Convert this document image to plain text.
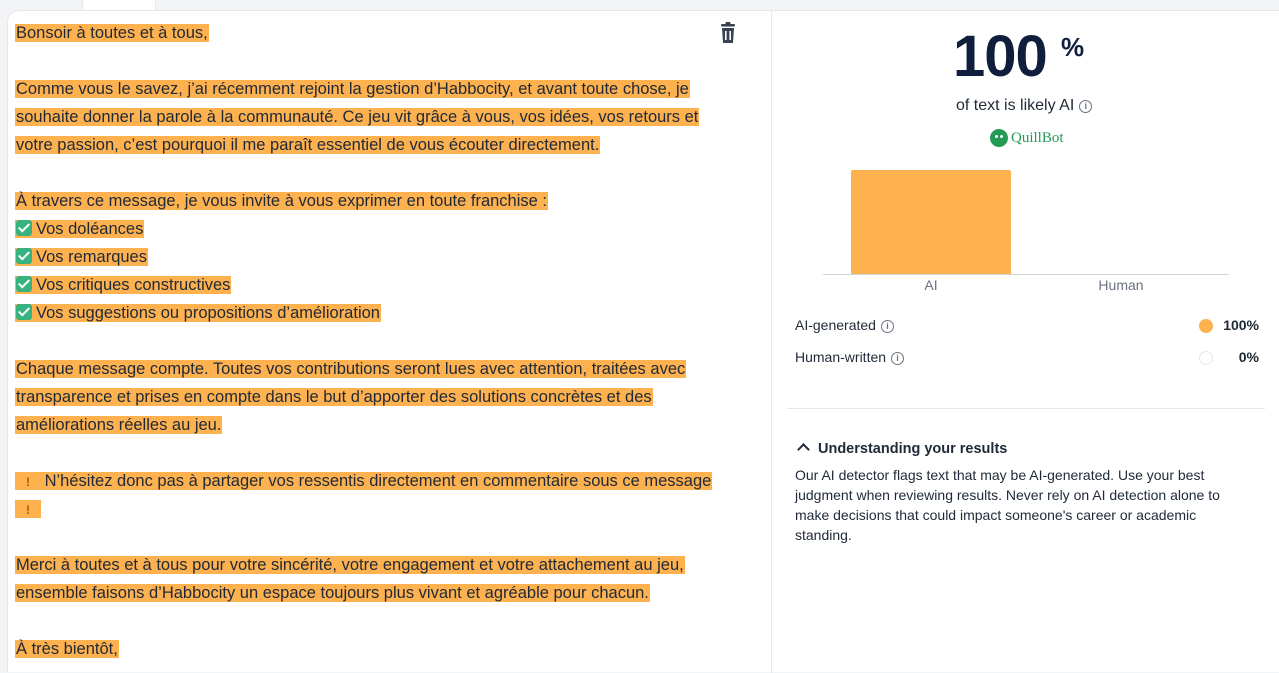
Bonsoir à toutes et à tous,
Comme vous le savez, j’ai récemment rejoint la gestion d’Habbocity, et avant toute chose, je
souhaite donner la parole à la communauté. Ce jeu vit grâce à vous, vos idées, vos retours et
votre passion, c’est pourquoi il me paraît essentiel de vous écouter directement.
À travers ce message, je vous invite à vous exprimer en toute franchise :
Vos doléances
Vos remarques
Vos critiques constructives
Vos suggestions ou propositions d’amélioration
Chaque message compte. Toutes vos contributions seront lues avec attention, traitées avec
transparence et prises en compte dans le but d’apporter des solutions concrètes et des
améliorations réelles au jeu.
! N’hésitez donc pas à partager vos ressentis directement en commentaire sous ce message
!
Merci à toutes et à tous pour votre sincérité, votre engagement et votre attachement au jeu,
ensemble faisons d’Habbocity un espace toujours plus vivant et agréable pour chacun.
À très bientôt,
100 %
of text is likely AI i
QuillBot
AI	Human
AI-generated i	100%
Human-written i	0%
Understanding your results
Our AI detector flags text that may be AI-generated. Use your best judgment when reviewing results. Never rely on AI detection alone to make decisions that could impact someone's career or academic standing.
